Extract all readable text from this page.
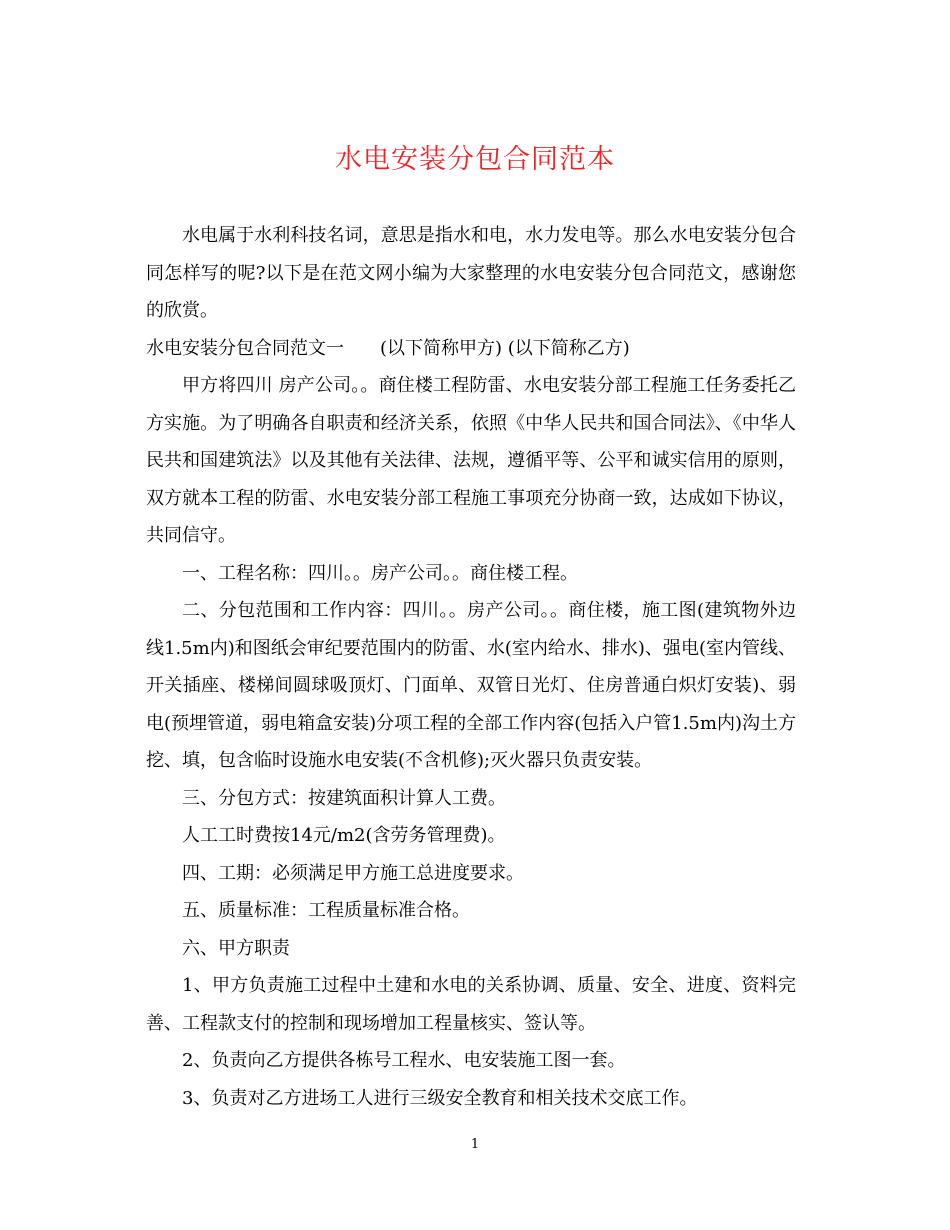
水电安装分包合同范本

水电属于水利科技名词，意思是指水和电，水力发电等。那么水电安装分包合同怎样写的呢?以下是在范文网小编为大家整理的水电安装分包合同范文，感谢您的欣赏。

水电安装分包合同范文一　　(以下简称甲方) (以下简称乙方)

甲方将四川 房产公司。。商住楼工程防雷、水电安装分部工程施工任务委托乙方实施。为了明确各自职责和经济关系，依照《中华人民共和国合同法》、《中华人民共和国建筑法》以及其他有关法律、法规，遵循平等、公平和诚实信用的原则，双方就本工程的防雷、水电安装分部工程施工事项充分协商一致，达成如下协议，共同信守。

一、工程名称：四川。。房产公司。。商住楼工程。

二、分包范围和工作内容：四川。。房产公司。。商住楼，施工图(建筑物外边线1.5m内)和图纸会审纪要范围内的防雷、水(室内给水、排水)、强电(室内管线、开关插座、楼梯间圆球吸顶灯、门面单、双管日光灯、住房普通白炽灯安装)、弱电(预埋管道，弱电箱盒安装)分项工程的全部工作内容(包括入户管1.5m内)沟土方挖、填，包含临时设施水电安装(不含机修);灭火器只负责安装。

三、分包方式：按建筑面积计算人工费。

人工工时费按14元/m2(含劳务管理费)。

四、工期：必须满足甲方施工总进度要求。

五、质量标准：工程质量标准合格。

六、甲方职责

1、甲方负责施工过程中土建和水电的关系协调、质量、安全、进度、资料完善、工程款支付的控制和现场增加工程量核实、签认等。

2、负责向乙方提供各栋号工程水、电安装施工图一套。

3、负责对乙方进场工人进行三级安全教育和相关技术交底工作。

1
